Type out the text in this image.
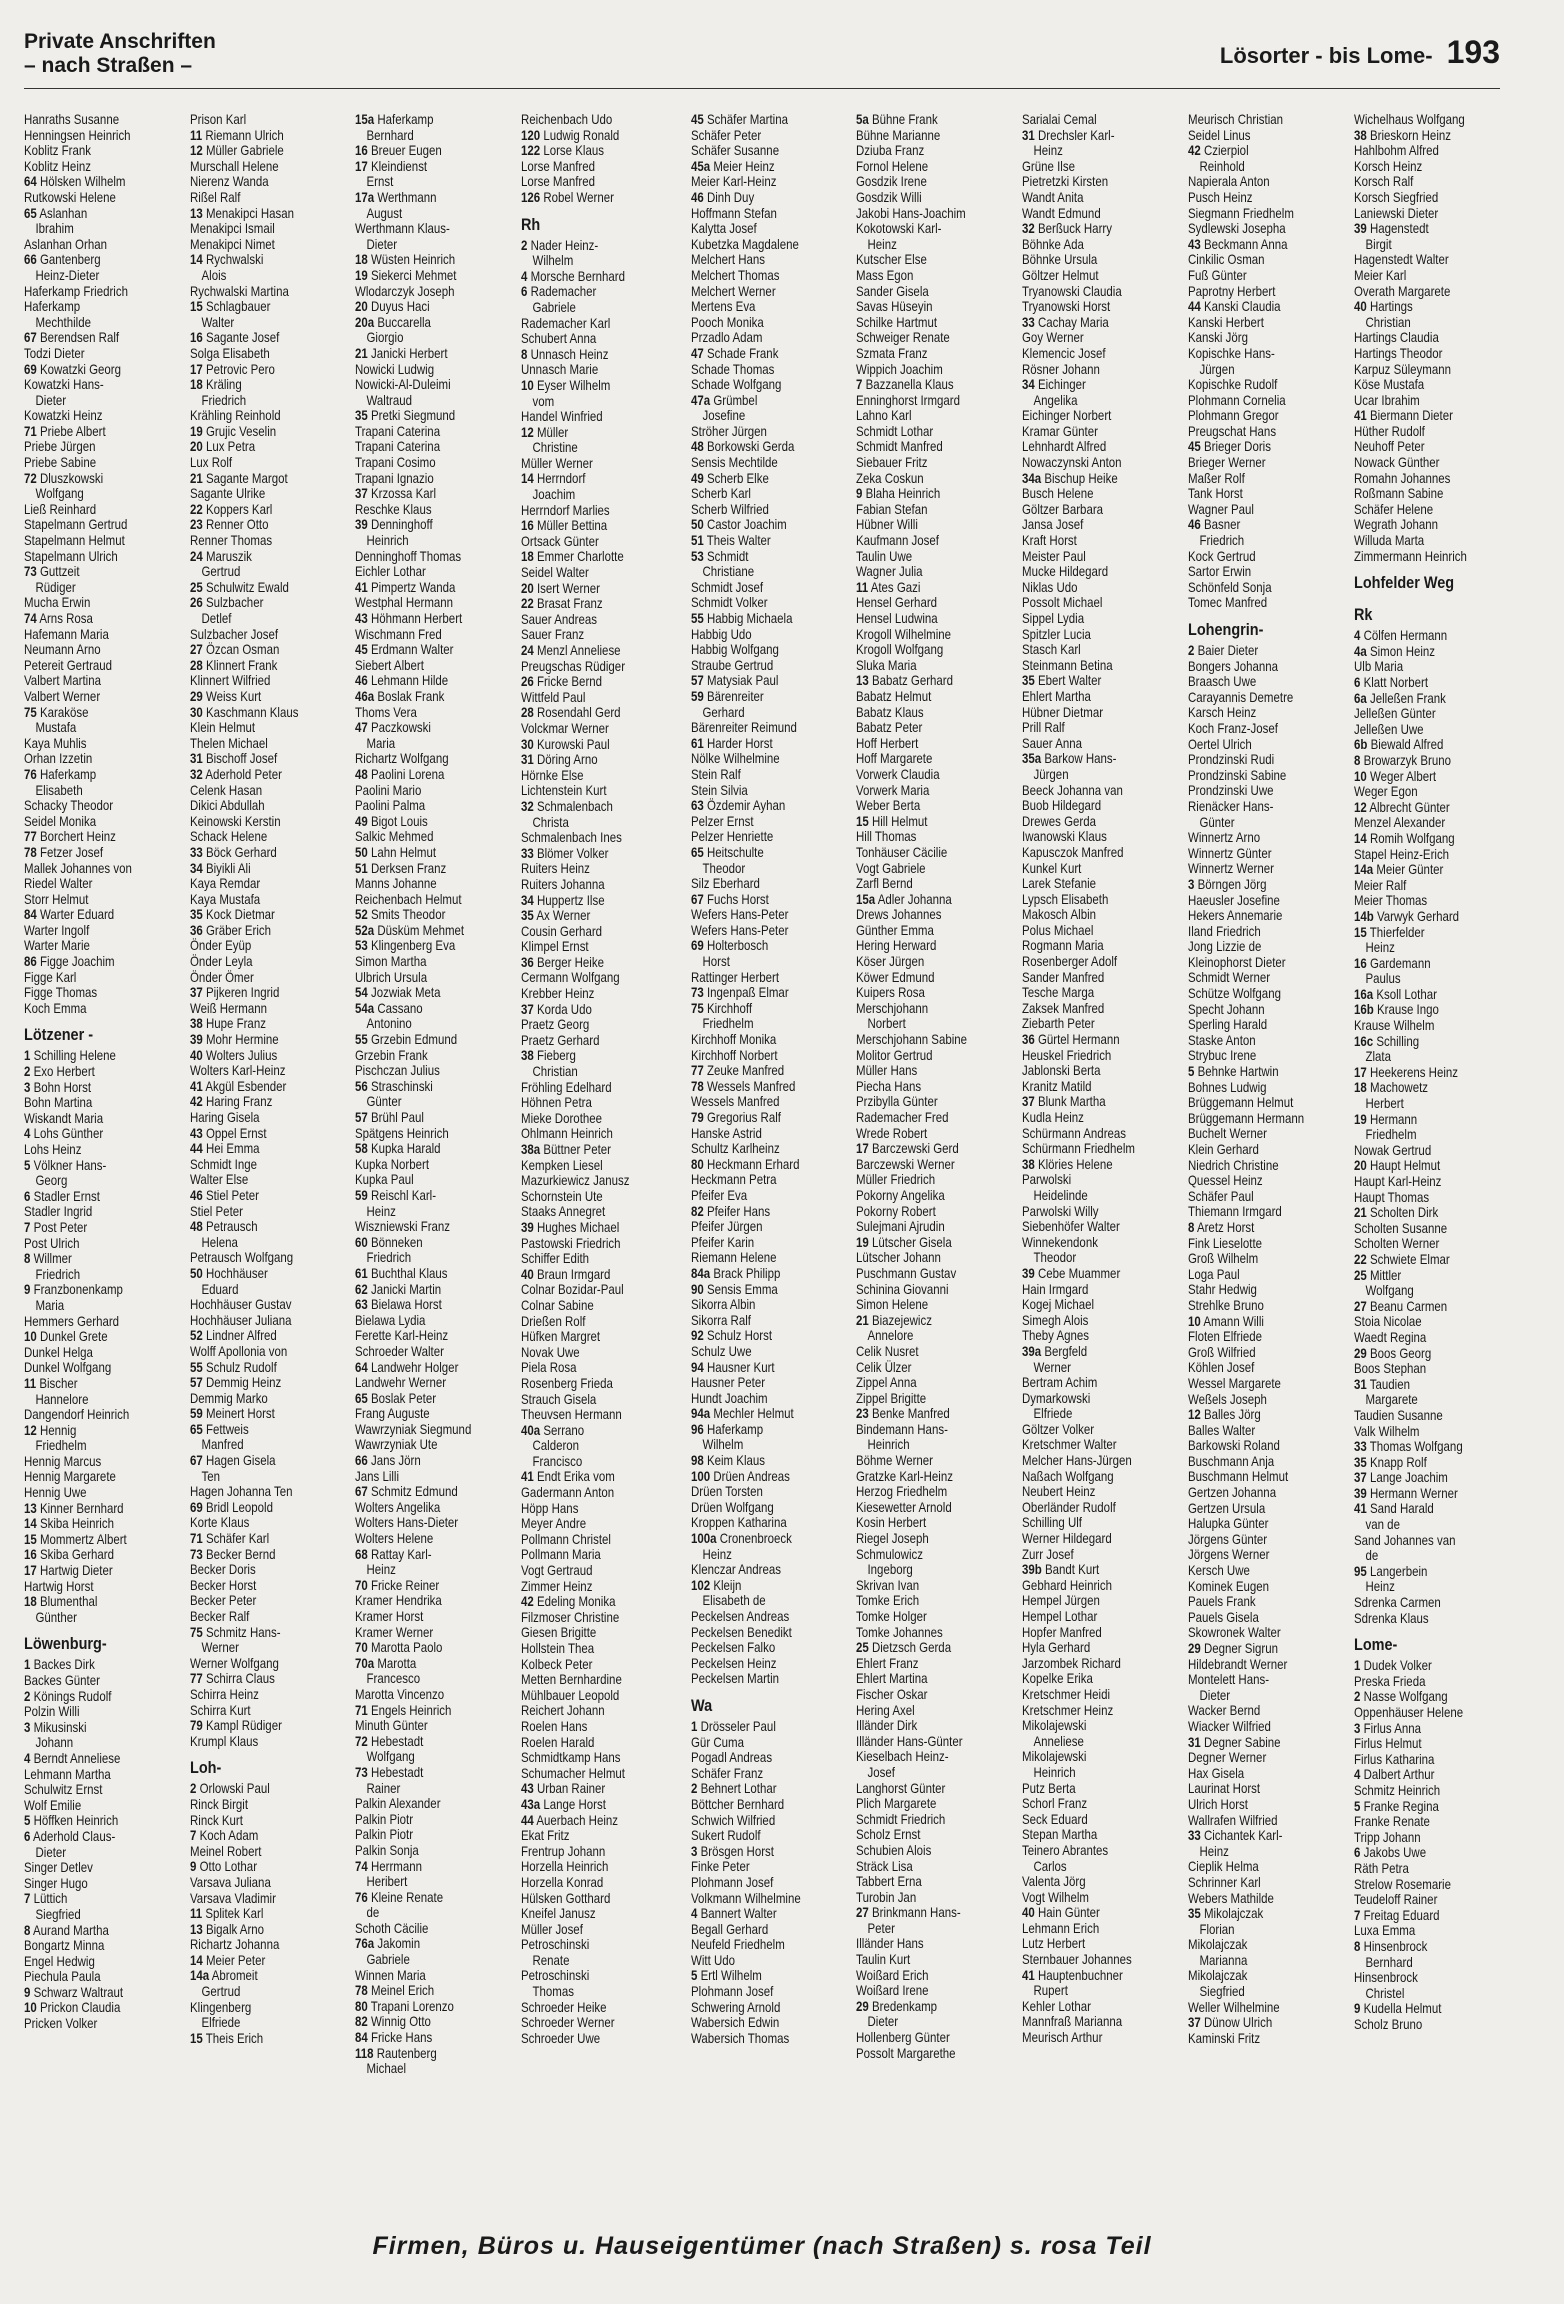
Private Anschriften
– nach Straßen –	Lösorter - bis Lome- 193
Hanraths Susanne
Henningsen Heinrich
Koblitz Frank
Koblitz Heinz
64 Hölsken Wilhelm
Rutkowski Helene
65 Aslanhan
Ibrahim
Aslanhan Orhan
66 Gantenberg
Heinz-Dieter
Haferkamp Friedrich
Haferkamp
Mechthilde
67 Berendsen Ralf
Todzi Dieter
69 Kowatzki Georg
Kowatzki Hans-
Dieter
Kowatzki Heinz
71 Priebe Albert
Priebe Jürgen
Priebe Sabine
72 Dluszkowski
Wolfgang
Ließ Reinhard
Stapelmann Gertrud
Stapelmann Helmut
Stapelmann Ulrich
73 Guttzeit
Rüdiger
Mucha Erwin
74 Arns Rosa
Hafemann Maria
Neumann Arno
Petereit Gertraud
Valbert Martina
Valbert Werner
75 Karaköse
Mustafa
Kaya Muhlis
Orhan Izzetin
76 Haferkamp
Elisabeth
Schacky Theodor
Seidel Monika
77 Borchert Heinz
78 Fetzer Josef
Mallek Johannes von
Riedel Walter
Storr Helmut
84 Warter Eduard
Warter Ingolf
Warter Marie
86 Figge Joachim
Figge Karl
Figge Thomas
Koch Emma
Lötzener -
1 Schilling Helene
2 Exo Herbert
3 Bohn Horst
Bohn Martina
Wiskandt Maria
4 Lohs Günther
Lohs Heinz
5 Völkner Hans-
Georg
6 Stadler Ernst
Stadler Ingrid
7 Post Peter
Post Ulrich
8 Willmer
Friedrich
9 Franzbonenkamp
Maria
Hemmers Gerhard
10 Dunkel Grete
Dunkel Helga
Dunkel Wolfgang
11 Bischer
Hannelore
Dangendorf Heinrich
12 Hennig
Friedhelm
Hennig Marcus
Hennig Margarete
Hennig Uwe
13 Kinner Bernhard
14 Skiba Heinrich
15 Mommertz Albert
16 Skiba Gerhard
17 Hartwig Dieter
Hartwig Horst
18 Blumenthal
Günther
Löwenburg-
1 Backes Dirk
Backes Günter
2 Könings Rudolf
Polzin Willi
3 Mikusinski
Johann
4 Berndt Anneliese
Lehmann Martha
Schulwitz Ernst
Wolf Emilie
5 Höffken Heinrich
6 Aderhold Claus-
Dieter
Singer Detlev
Singer Hugo
7 Lüttich
Siegfried
8 Aurand Martha
Bongartz Minna
Engel Hedwig
Piechula Paula
9 Schwarz Waltraut
10 Prickon Claudia
Pricken Volker
Prison Karl
11 Riemann Ulrich
12 Müller Gabriele
Murschall Helene
Nierenz Wanda
Rißel Ralf
13 Menakipci Hasan
Menakipci Ismail
Menakipci Nimet
14 Rychwalski
Alois
Rychwalski Martina
15 Schlagbauer
Walter
16 Sagante Josef
Solga Elisabeth
17 Petrovic Pero
18 Kräling
Friedrich
Krähling Reinhold
19 Grujic Veselin
20 Lux Petra
Lux Rolf
21 Sagante Margot
Sagante Ulrike
22 Koppers Karl
23 Renner Otto
Renner Thomas
24 Maruszik
Gertrud
25 Schulwitz Ewald
26 Sulzbacher
Detlef
Sulzbacher Josef
27 Özcan Osman
28 Klinnert Frank
Klinnert Wilfried
29 Weiss Kurt
30 Kaschmann Klaus
Klein Helmut
Thelen Michael
31 Bischoff Josef
32 Aderhold Peter
Celenk Hasan
Dikici Abdullah
Keinowski Kerstin
Schack Helene
33 Böck Gerhard
34 Biyikli Ali
Kaya Remdar
Kaya Mustafa
35 Kock Dietmar
36 Gräber Erich
Önder Eyüp
Önder Leyla
Önder Ömer
37 Pijkeren Ingrid
Weiß Hermann
38 Hupe Franz
39 Mohr Hermine
40 Wolters Julius
Wolters Karl-Heinz
41 Akgül Esbender
42 Haring Franz
Haring Gisela
43 Oppel Ernst
44 Hei Emma
Schmidt Inge
Walter Else
46 Stiel Peter
Stiel Peter
48 Petrausch
Helena
Petrausch Wolfgang
50 Hochhäuser
Eduard
Hochhäuser Gustav
Hochhäuser Juliana
52 Lindner Alfred
Wolff Apollonia von
55 Schulz Rudolf
57 Demmig Heinz
Demmig Marko
59 Meinert Horst
65 Fettweis
Manfred
67 Hagen Gisela
Ten
Hagen Johanna Ten
69 Bridl Leopold
Korte Klaus
71 Schäfer Karl
73 Becker Bernd
Becker Doris
Becker Horst
Becker Peter
Becker Ralf
75 Schmitz Hans-
Werner
Werner Wolfgang
77 Schirra Claus
Schirra Heinz
Schirra Kurt
79 Kampl Rüdiger
Krumpl Klaus
Loh-
2 Orlowski Paul
Rinck Birgit
Rinck Kurt
7 Koch Adam
Meinel Robert
9 Otto Lothar
Varsava Juliana
Varsava Vladimir
11 Splitek Karl
13 Bigalk Arno
Richartz Johanna
14 Meier Peter
14a Abromeit
Gertrud
Klingenberg
Elfriede
15 Theis Erich
15a Haferkamp
Bernhard
16 Breuer Eugen
17 Kleindienst
Ernst
17a Werthmann
August
Werthmann Klaus-
Dieter
18 Wüsten Heinrich
19 Siekerci Mehmet
Wlodarczyk Joseph
20 Duyus Haci
20a Buccarella
Giorgio
21 Janicki Herbert
Nowicki Ludwig
Nowicki-Al-Duleimi
Waltraud
35 Pretki Siegmund
Trapani Caterina
Trapani Caterina
Trapani Cosimo
Trapani Ignazio
37 Krzossa Karl
Reschke Klaus
39 Denninghoff
Heinrich
Denninghoff Thomas
Eichler Lothar
41 Pimpertz Wanda
Westphal Hermann
43 Höhmann Herbert
Wischmann Fred
45 Erdmann Walter
Siebert Albert
46 Lehmann Hilde
46a Boslak Frank
Thoms Vera
47 Paczkowski
Maria
Richartz Wolfgang
48 Paolini Lorena
Paolini Mario
Paolini Palma
49 Bigot Louis
Salkic Mehmed
50 Lahn Helmut
51 Derksen Franz
Manns Johanne
Reichenbach Helmut
52 Smits Theodor
52a Düsküm Mehmet
53 Klingenberg Eva
Simon Martha
Ulbrich Ursula
54 Jozwiak Meta
54a Cassano
Antonino
55 Grzebin Edmund
Grzebin Frank
Pischczan Julius
56 Straschinski
Günter
57 Brühl Paul
Spätgens Heinrich
58 Kupka Harald
Kupka Norbert
Kupka Paul
59 Reischl Karl-
Heinz
Wiszniewski Franz
60 Bönneken
Friedrich
61 Buchthal Klaus
62 Janicki Martin
63 Bielawa Horst
Bielawa Lydia
Ferette Karl-Heinz
Schroeder Walter
64 Landwehr Holger
Landwehr Werner
65 Boslak Peter
Frang Auguste
Wawrzyniak Siegmund
Wawrzyniak Ute
66 Jans Jörn
Jans Lilli
67 Schmitz Edmund
Wolters Angelika
Wolters Hans-Dieter
Wolters Helene
68 Rattay Karl-
Heinz
70 Fricke Reiner
Kramer Hendrika
Kramer Horst
Kramer Werner
70 Marotta Paolo
70a Marotta
Francesco
Marotta Vincenzo
71 Engels Heinrich
Minuth Günter
72 Hebestadt
Wolfgang
73 Hebestadt
Rainer
Palkin Alexander
Palkin Piotr
Palkin Piotr
Palkin Sonja
74 Herrmann
Heribert
76 Kleine Renate
de
Schoth Cäcilie
76a Jakomin
Gabriele
Winnen Maria
78 Meinel Erich
80 Trapani Lorenzo
82 Winnig Otto
84 Fricke Hans
118 Rautenberg
Michael
Reichenbach Udo
120 Ludwig Ronald
122 Lorse Klaus
Lorse Manfred
Lorse Manfred
126 Robel Werner
Rh
2 Nader Heinz-
Wilhelm
4 Morsche Bernhard
6 Rademacher
Gabriele
Rademacher Karl
Schubert Anna
8 Unnasch Heinz
Unnasch Marie
10 Eyser Wilhelm
vom
Handel Winfried
12 Müller
Christine
Müller Werner
14 Herrndorf
Joachim
Herrndorf Marlies
16 Müller Bettina
Ortsack Günter
18 Emmer Charlotte
Seidel Walter
20 Isert Werner
22 Brasat Franz
Sauer Andreas
Sauer Franz
24 Menzl Anneliese
Preugschas Rüdiger
26 Fricke Bernd
Wittfeld Paul
28 Rosendahl Gerd
Volckmar Werner
30 Kurowski Paul
31 Döring Arno
Hörnke Else
Lichtenstein Kurt
32 Schmalenbach
Christa
Schmalenbach Ines
33 Blömer Volker
Ruiters Heinz
Ruiters Johanna
34 Huppertz Ilse
35 Ax Werner
Cousin Gerhard
Klimpel Ernst
36 Berger Heike
Cermann Wolfgang
Krebber Heinz
37 Korda Udo
Praetz Georg
Praetz Gerhard
38 Fieberg
Christian
Fröhling Edelhard
Höhnen Petra
Mieke Dorothee
Ohlmann Heinrich
38a Büttner Peter
Kempken Liesel
Mazurkiewicz Janusz
Schornstein Ute
Staaks Annegret
39 Hughes Michael
Pastowski Friedrich
Schiffer Edith
40 Braun Irmgard
Colnar Bozidar-Paul
Colnar Sabine
Drießen Rolf
Hüfken Margret
Novak Uwe
Piela Rosa
Rosenberg Frieda
Strauch Gisela
Theuvsen Hermann
40a Serrano
Calderon
Francisco
41 Endt Erika vom
Gadermann Anton
Höpp Hans
Meyer Andre
Pollmann Christel
Pollmann Maria
Vogt Gertraud
Zimmer Heinz
42 Edeling Monika
Filzmoser Christine
Giesen Brigitte
Hollstein Thea
Kolbeck Peter
Metten Bernhardine
Mühlbauer Leopold
Reichert Johann
Roelen Hans
Roelen Harald
Schmidtkamp Hans
Schumacher Helmut
43 Urban Rainer
43a Lange Horst
44 Auerbach Heinz
Ekat Fritz
Frentrup Johann
Horzella Heinrich
Horzella Konrad
Hülsken Gotthard
Kneifel Janusz
Müller Josef
Petroschinski
Renate
Petroschinski
Thomas
Schroeder Heike
Schroeder Werner
Schroeder Uwe
45 Schäfer Martina
Schäfer Peter
Schäfer Susanne
45a Meier Heinz
Meier Karl-Heinz
46 Dinh Duy
Hoffmann Stefan
Kalytta Josef
Kubetzka Magdalene
Melchert Hans
Melchert Thomas
Melchert Werner
Mertens Eva
Pooch Monika
Przadlo Adam
47 Schade Frank
Schade Thomas
Schade Wolfgang
47a Grümbel
Josefine
Ströher Jürgen
48 Borkowski Gerda
Sensis Mechtilde
49 Scherb Elke
Scherb Karl
Scherb Wilfried
50 Castor Joachim
51 Theis Walter
53 Schmidt
Christiane
Schmidt Josef
Schmidt Volker
55 Habbig Michaela
Habbig Udo
Habbig Wolfgang
Straube Gertrud
57 Matysiak Paul
59 Bärenreiter
Gerhard
Bärenreiter Reimund
61 Harder Horst
Nölke Wilhelmine
Stein Ralf
Stein Silvia
63 Özdemir Ayhan
Pelzer Ernst
Pelzer Henriette
65 Heitschulte
Theodor
Silz Eberhard
67 Fuchs Horst
Wefers Hans-Peter
Wefers Hans-Peter
69 Holterbosch
Horst
Rattinger Herbert
73 Ingenpaß Elmar
75 Kirchhoff
Friedhelm
Kirchhoff Monika
Kirchhoff Norbert
77 Zeuke Manfred
78 Wessels Manfred
Wessels Manfred
79 Gregorius Ralf
Hanske Astrid
Schultz Karlheinz
80 Heckmann Erhard
Heckmann Petra
Pfeifer Eva
82 Pfeifer Hans
Pfeifer Jürgen
Pfeifer Karin
Riemann Helene
84a Brack Philipp
90 Sensis Emma
Sikorra Albin
Sikorra Ralf
92 Schulz Horst
Schulz Uwe
94 Hausner Kurt
Hausner Peter
Hundt Joachim
94a Mechler Helmut
96 Haferkamp
Wilhelm
98 Keim Klaus
100 Drüen Andreas
Drüen Torsten
Drüen Wolfgang
Kroppen Katharina
100a Cronenbroeck
Heinz
Klenczar Andreas
102 Kleijn
Elisabeth de
Peckelsen Andreas
Peckelsen Benedikt
Peckelsen Falko
Peckelsen Heinz
Peckelsen Martin
Wa
1 Drösseler Paul
Gür Cuma
Pogadl Andreas
Schäfer Franz
2 Behnert Lothar
Böttcher Bernhard
Schwich Wilfried
Sukert Rudolf
3 Brösgen Horst
Finke Peter
Plohmann Josef
Volkmann Wilhelmine
4 Bannert Walter
Begall Gerhard
Neufeld Friedhelm
Witt Udo
5 Ertl Wilhelm
Plohmann Josef
Schwering Arnold
Wabersich Edwin
Wabersich Thomas
5a Bühne Frank
Bühne Marianne
Dziuba Franz
Fornol Helene
Gosdzik Irene
Gosdzik Willi
Jakobi Hans-Joachim
Kokotowski Karl-
Heinz
Kutscher Else
Mass Egon
Sander Gisela
Savas Hüseyin
Schilke Hartmut
Schweiger Renate
Szmata Franz
Wippich Joachim
7 Bazzanella Klaus
Enninghorst Irmgard
Lahno Karl
Schmidt Lothar
Schmidt Manfred
Siebauer Fritz
Zeka Coskun
9 Blaha Heinrich
Fabian Stefan
Hübner Willi
Kaufmann Josef
Taulin Uwe
Wagner Julia
11 Ates Gazi
Hensel Gerhard
Hensel Ludwina
Krogoll Wilhelmine
Krogoll Wolfgang
Sluka Maria
13 Babatz Gerhard
Babatz Helmut
Babatz Klaus
Babatz Peter
Hoff Herbert
Hoff Margarete
Vorwerk Claudia
Vorwerk Maria
Weber Berta
15 Hill Helmut
Hill Thomas
Tonhäuser Cäcilie
Vogt Gabriele
Zarfl Bernd
15a Adler Johanna
Drews Johannes
Günther Emma
Hering Herward
Köser Jürgen
Köwer Edmund
Kuipers Rosa
Merschjohann
Norbert
Merschjohann Sabine
Molitor Gertrud
Müller Hans
Piecha Hans
Przibylla Günter
Rademacher Fred
Wrede Robert
17 Barczewski Gerd
Barczewski Werner
Müller Friedrich
Pokorny Angelika
Pokorny Robert
Sulejmani Ajrudin
19 Lütscher Gisela
Lütscher Johann
Puschmann Gustav
Schinina Giovanni
Simon Helene
21 Biazejewicz
Annelore
Celik Nusret
Celik Ülzer
Zippel Anna
Zippel Brigitte
23 Benke Manfred
Bindemann Hans-
Heinrich
Böhme Werner
Gratzke Karl-Heinz
Herzog Friedhelm
Kiesewetter Arnold
Kosin Herbert
Riegel Joseph
Schmulowicz
Ingeborg
Skrivan Ivan
Tomke Erich
Tomke Holger
Tomke Johannes
25 Dietzsch Gerda
Ehlert Franz
Ehlert Martina
Fischer Oskar
Hering Axel
Illänder Dirk
Illänder Hans-Günter
Kieselbach Heinz-
Josef
Langhorst Günter
Plich Margarete
Schmidt Friedrich
Scholz Ernst
Schubien Alois
Sträck Lisa
Tabbert Erna
Turobin Jan
27 Brinkmann Hans-
Peter
Illänder Hans
Taulin Kurt
Woißard Erich
Woißard Irene
29 Bredenkamp
Dieter
Hollenberg Günter
Possolt Margarethe
Sarialai Cemal
31 Drechsler Karl-
Heinz
Grüne Ilse
Pietretzki Kirsten
Wandt Anita
Wandt Edmund
32 Berßuck Harry
Böhnke Ada
Böhnke Ursula
Göltzer Helmut
Tryanowski Claudia
Tryanowski Horst
33 Cachay Maria
Goy Werner
Klemencic Josef
Rösner Johann
34 Eichinger
Angelika
Eichinger Norbert
Kramar Günter
Lehnhardt Alfred
Nowaczynski Anton
34a Bischup Heike
Busch Helene
Göltzer Barbara
Jansa Josef
Kraft Horst
Meister Paul
Mucke Hildegard
Niklas Udo
Possolt Michael
Sippel Lydia
Spitzler Lucia
Stasch Karl
Steinmann Betina
35 Ebert Walter
Ehlert Martha
Hübner Dietmar
Prill Ralf
Sauer Anna
35a Barkow Hans-
Jürgen
Beeck Johanna van
Buob Hildegard
Drewes Gerda
Iwanowski Klaus
Kapusczok Manfred
Kunkel Kurt
Larek Stefanie
Lypsch Elisabeth
Makosch Albin
Polus Michael
Rogmann Maria
Rosenberger Adolf
Sander Manfred
Tesche Marga
Zaksek Manfred
Ziebarth Peter
36 Gürtel Hermann
Heuskel Friedrich
Jablonski Berta
Kranitz Matild
37 Blunk Martha
Kudla Heinz
Schürmann Andreas
Schürmann Friedhelm
38 Klöries Helene
Parwolski
Heidelinde
Parwolski Willy
Siebenhöfer Walter
Winnekendonk
Theodor
39 Cebe Muammer
Hain Irmgard
Kogej Michael
Simegh Alois
Theby Agnes
39a Bergfeld
Werner
Bertram Achim
Dymarkowski
Elfriede
Göltzer Volker
Kretschmer Walter
Melcher Hans-Jürgen
Naßach Wolfgang
Neubert Heinz
Oberländer Rudolf
Schilling Ulf
Werner Hildegard
Zurr Josef
39b Bandt Kurt
Gebhard Heinrich
Hempel Jürgen
Hempel Lothar
Hopfer Manfred
Hyla Gerhard
Jarzombek Richard
Kopelke Erika
Kretschmer Heidi
Kretschmer Heinz
Mikolajewski
Anneliese
Mikolajewski
Heinrich
Putz Berta
Schorl Franz
Seck Eduard
Stepan Martha
Teinero Abrantes
Carlos
Valenta Jörg
Vogt Wilhelm
40 Hain Günter
Lehmann Erich
Lutz Herbert
Sternbauer Johannes
41 Hauptenbuchner
Rupert
Kehler Lothar
Mannfraß Marianna
Meurisch Arthur
Meurisch Christian
Seidel Linus
42 Czierpiol
Reinhold
Napierala Anton
Pusch Heinz
Siegmann Friedhelm
Sydlewski Josepha
43 Beckmann Anna
Cinkilic Osman
Fuß Günter
Paprotny Herbert
44 Kanski Claudia
Kanski Herbert
Kanski Jörg
Kopischke Hans-
Jürgen
Kopischke Rudolf
Plohmann Cornelia
Plohmann Gregor
Preugschat Hans
45 Brieger Doris
Brieger Werner
Maßer Rolf
Tank Horst
Wagner Paul
46 Basner
Friedrich
Kock Gertrud
Sartor Erwin
Schönfeld Sonja
Tomec Manfred
Lohengrin-
2 Baier Dieter
Bongers Johanna
Braasch Uwe
Carayannis Demetre
Karsch Heinz
Koch Franz-Josef
Oertel Ulrich
Prondzinski Rudi
Prondzinski Sabine
Prondzinski Uwe
Rienäcker Hans-
Günter
Winnertz Arno
Winnertz Günter
Winnertz Werner
3 Börngen Jörg
Haeusler Josefine
Hekers Annemarie
Iland Friedrich
Jong Lizzie de
Kleinophorst Dieter
Schmidt Werner
Schütze Wolfgang
Specht Johann
Sperling Harald
Staske Anton
Strybuc Irene
5 Behnke Hartwin
Bohnes Ludwig
Brüggemann Helmut
Brüggemann Hermann
Buchelt Werner
Klein Gerhard
Niedrich Christine
Quessel Heinz
Schäfer Paul
Thiemann Irmgard
8 Aretz Horst
Fink Lieselotte
Groß Wilhelm
Loga Paul
Stahr Hedwig
Strehlke Bruno
10 Amann Willi
Floten Elfriede
Groß Wilfried
Köhlen Josef
Wessel Margarete
Weßels Joseph
12 Balles Jörg
Balles Walter
Barkowski Roland
Buschmann Anja
Buschmann Helmut
Gertzen Johanna
Gertzen Ursula
Halupka Günter
Jörgens Günter
Jörgens Werner
Kersch Uwe
Kominek Eugen
Pauels Frank
Pauels Gisela
Skowronek Walter
29 Degner Sigrun
Hildebrandt Werner
Montelett Hans-
Dieter
Wacker Bernd
Wiacker Wilfried
31 Degner Sabine
Degner Werner
Hax Gisela
Laurinat Horst
Ulrich Horst
Wallrafen Wilfried
33 Cichantek Karl-
Heinz
Cieplik Helma
Schrinner Karl
Webers Mathilde
35 Mikolajczak
Florian
Mikolajczak
Marianna
Mikolajczak
Siegfried
Weller Wilhelmine
37 Dünow Ulrich
Kaminski Fritz
Wichelhaus Wolfgang
38 Brieskorn Heinz
Hahlbohm Alfred
Korsch Heinz
Korsch Ralf
Korsch Siegfried
Laniewski Dieter
39 Hagenstedt
Birgit
Hagenstedt Walter
Meier Karl
Overath Margarete
40 Hartings
Christian
Hartings Claudia
Hartings Theodor
Karpuz Süleymann
Köse Mustafa
Ucar Ibrahim
41 Biermann Dieter
Hüther Rudolf
Neuhoff Peter
Nowack Günther
Romahn Johannes
Roßmann Sabine
Schäfer Helene
Wegrath Johann
Willuda Marta
Zimmermann Heinrich
Lohfelder Weg
Rk
4 Cölfen Hermann
4a Simon Heinz
Ulb Maria
6 Klatt Norbert
6a Jelleßen Frank
Jelleßen Günter
Jelleßen Uwe
6b Biewald Alfred
8 Browarzyk Bruno
10 Weger Albert
Weger Egon
12 Albrecht Günter
Menzel Alexander
14 Romih Wolfgang
Stapel Heinz-Erich
14a Meier Günter
Meier Ralf
Meier Thomas
14b Varwyk Gerhard
15 Thierfelder
Heinz
16 Gardemann
Paulus
16a Ksoll Lothar
16b Krause Ingo
Krause Wilhelm
16c Schilling
Zlata
17 Heekerens Heinz
18 Machowetz
Herbert
19 Hermann
Friedhelm
Nowak Gertrud
20 Haupt Helmut
Haupt Karl-Heinz
Haupt Thomas
21 Scholten Dirk
Scholten Susanne
Scholten Werner
22 Schwiete Elmar
25 Mittler
Wolfgang
27 Beanu Carmen
Stoia Nicolae
Waedt Regina
29 Boos Georg
Boos Stephan
31 Taudien
Margarete
Taudien Susanne
Valk Wilhelm
33 Thomas Wolfgang
35 Knapp Rolf
37 Lange Joachim
39 Hermann Werner
41 Sand Harald
van de
Sand Johannes van
de
95 Langerbein
Heinz
Sdrenka Carmen
Sdrenka Klaus
Lome-
1 Dudek Volker
Preska Frieda
2 Nasse Wolfgang
Oppenhäuser Helene
3 Firlus Anna
Firlus Helmut
Firlus Katharina
4 Dalbert Arthur
Schmitz Heinrich
5 Franke Regina
Franke Renate
Tripp Johann
6 Jakobs Uwe
Räth Petra
Strelow Rosemarie
Teudeloff Rainer
7 Freitag Eduard
Luxa Emma
8 Hinsenbrock
Bernhard
Hinsenbrock
Christel
9 Kudella Helmut
Scholz Bruno
Firmen, Büros u. Hauseigentümer (nach Straßen) s. rosa Teil
